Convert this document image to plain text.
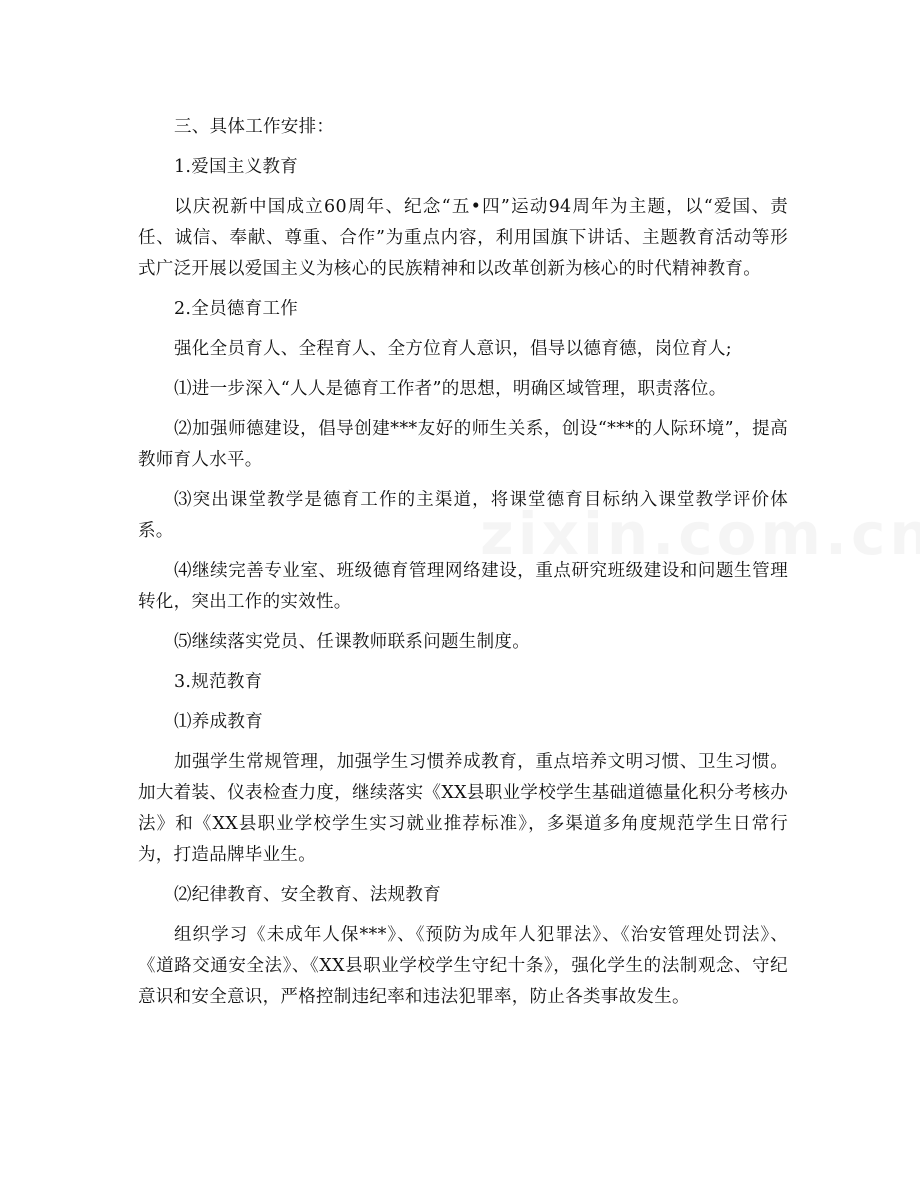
三、具体工作安排：

1.爱国主义教育

以庆祝新中国成立60周年、纪念“五•四”运动94周年为主题，以“爱国、责任、诚信、奉献、尊重、合作”为重点内容，利用国旗下讲话、主题教育活动等形式广泛开展以爱国主义为核心的民族精神和以改革创新为核心的时代精神教育。

2.全员德育工作

强化全员育人、全程育人、全方位育人意识，倡导以德育德，岗位育人;

⑴进一步深入“人人是德育工作者”的思想，明确区域管理，职责落位。

⑵加强师德建设，倡导创建***友好的师生关系，创设“***的人际环境”，提高教师育人水平。

⑶突出课堂教学是德育工作的主渠道，将课堂德育目标纳入课堂教学评价体系。

⑷继续完善专业室、班级德育管理网络建设，重点研究班级建设和问题生管理转化，突出工作的实效性。

⑸继续落实党员、任课教师联系问题生制度。

3.规范教育

⑴养成教育

加强学生常规管理，加强学生习惯养成教育，重点培养文明习惯、卫生习惯。加大着装、仪表检查力度，继续落实《XX县职业学校学生基础道德量化积分考核办法》和《XX县职业学校学生实习就业推荐标准》，多渠道多角度规范学生日常行为，打造品牌毕业生。

⑵纪律教育、安全教育、法规教育

组织学习《未成年人保***》、《预防为成年人犯罪法》、《治安管理处罚法》、《道路交通安全法》、《XX县职业学校学生守纪十条》，强化学生的法制观念、守纪意识和安全意识，严格控制违纪率和违法犯罪率，防止各类事故发生。
